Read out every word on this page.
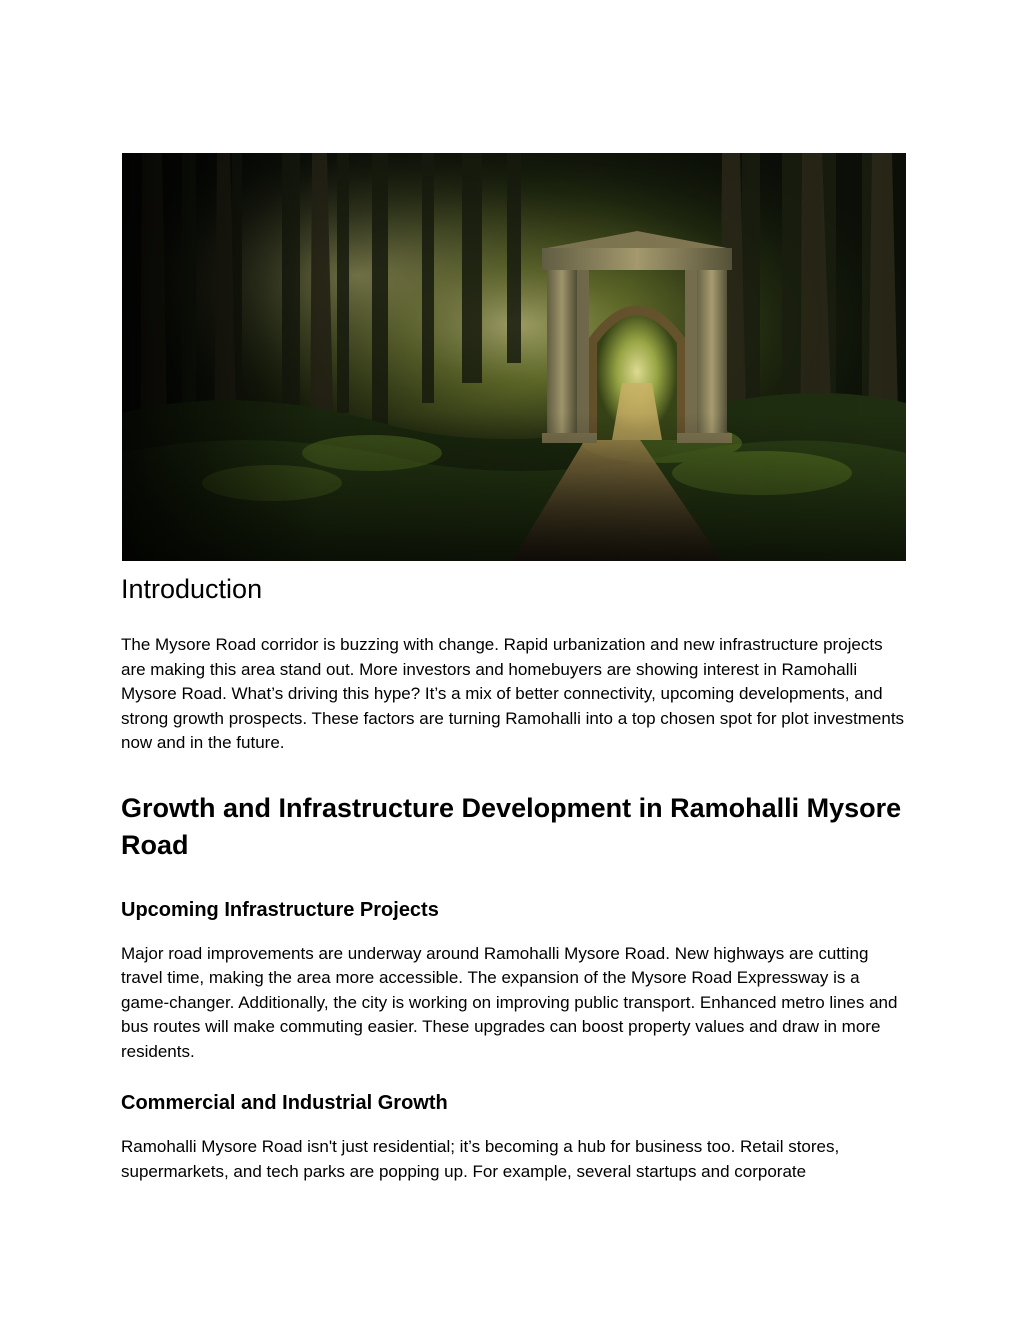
Introduction

The Mysore Road corridor is buzzing with change. Rapid urbanization and new infrastructure projects are making this area stand out. More investors and homebuyers are showing interest in Ramohalli Mysore Road. What’s driving this hype? It’s a mix of better connectivity, upcoming developments, and strong growth prospects. These factors are turning Ramohalli into a top chosen spot for plot investments now and in the future.

Growth and Infrastructure Development in Ramohalli Mysore Road
Upcoming Infrastructure Projects

Major road improvements are underway around Ramohalli Mysore Road. New highways are cutting travel time, making the area more accessible. The expansion of the Mysore Road Expressway is a game-changer. Additionally, the city is working on improving public transport. Enhanced metro lines and bus routes will make commuting easier. These upgrades can boost property values and draw in more residents.

Commercial and Industrial Growth

Ramohalli Mysore Road isn't just residential; it’s becoming a hub for business too. Retail stores, supermarkets, and tech parks are popping up. For example, several startups and corporate
